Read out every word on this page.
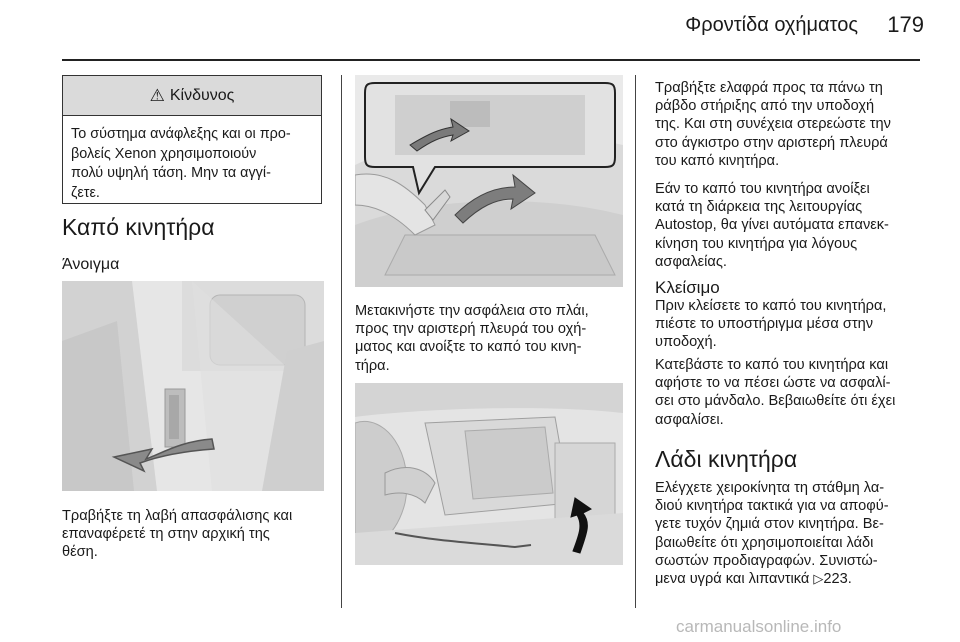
Φροντίδα οχήματος 179
⚠ Κίνδυνος
Το σύστημα ανάφλεξης και οι προ-
βολείς Xenon χρησιμοποιούν
πολύ υψηλή τάση. Μην τα αγγί-
ζετε.
Καπό κινητήρα
Άνοιγμα
Τραβήξτε τη λαβή απασφάλισης και
επαναφέρετέ τη στην αρχική της
θέση.
Μετακινήστε την ασφάλεια στο πλάι,
προς την αριστερή πλευρά του οχή-
ματος και ανοίξτε το καπό του κινη-
τήρα.
Τραβήξτε ελαφρά προς τα πάνω τη
ράβδο στήριξης από την υποδοχή
της. Και στη συνέχεια στερεώστε την
στο άγκιστρο στην αριστερή πλευρά
του καπό κινητήρα.
Εάν το καπό του κινητήρα ανοίξει
κατά τη διάρκεια της λειτουργίας
Autostop, θα γίνει αυτόματα επανεκ-
κίνηση του κινητήρα για λόγους
ασφαλείας.
Κλείσιμο
Πριν κλείσετε το καπό του κινητήρα,
πιέστε το υποστήριγμα μέσα στην
υποδοχή.
Κατεβάστε το καπό του κινητήρα και
αφήστε το να πέσει ώστε να ασφαλί-
σει στο μάνδαλο. Βεβαιωθείτε ότι έχει
ασφαλίσει.
Λάδι κινητήρα
Ελέγχετε χειροκίνητα τη στάθμη λα-
διού κινητήρα τακτικά για να αποφύ-
γετε τυχόν ζημιά στον κινητήρα. Βε-
βαιωθείτε ότι χρησιμοποιείται λάδι
σωστών προδιαγραφών. Συνιστώ-
μενα υγρά και λιπαντικά ▷223.
carmanualsonline.info
